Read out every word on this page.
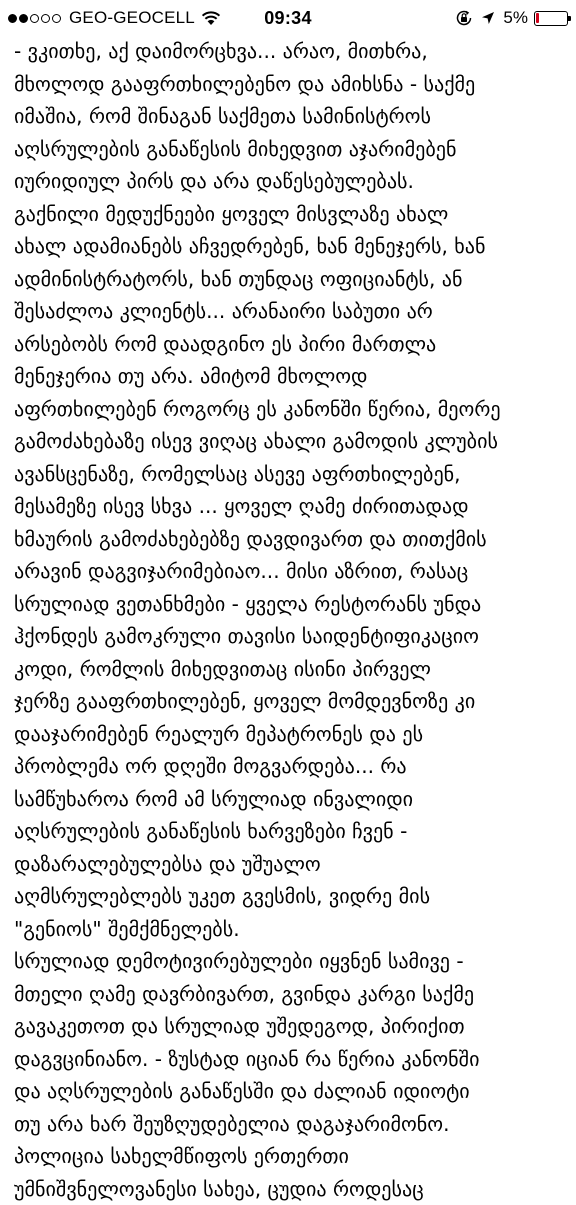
GEO-GEOCELL	09:34	5%
- ვკითხე, აქ დაიმორცხვა... არაო, მითხრა,
მხოლოდ გააფრთხილებენო და ამიხსნა - საქმე
იმაშია, რომ შინაგან საქმეთა სამინისტროს
აღსრულების განაწესის მიხედვით აჯარიმებენ
იურიდიულ პირს და არა დაწესებულებას.
გაქნილი მედუქნეები ყოველ მისვლაზე ახალ
ახალ ადამიანებს აჩვედრებენ, ხან მენეჯერს, ხან
ადმინისტრატორს, ხან თუნდაც ოფიციანტს, ან
შესაძლოა კლიენტს... არანაირი საბუთი არ
არსებობს რომ დაადგინო ეს პირი მართლა
მენეჯერია თუ არა. ამიტომ მხოლოდ
აფრთხილებენ როგორც ეს კანონში წერია, მეორე
გამოძახებაზე ისევ ვიღაც ახალი გამოდის კლუბის
ავანსცენაზე, რომელსაც ასევე აფრთხილებენ,
მესამეზე ისევ სხვა ... ყოველ ღამე ძირითადად
ხმაურის გამოძახებებზე დავდივართ და თითქმის
არავინ დაგვიჯარიმებიაო... მისი აზრით, რასაც
სრულიად ვეთანხმები - ყველა რესტორანს უნდა
ჰქონდეს გამოკრული თავისი საიდენტიფიკაციო
კოდი, რომლის მიხედვითაც ისინი პირველ
ჯერზე გააფრთხილებენ, ყოველ მომდევნოზე კი
დააჯარიმებენ რეალურ მეპატრონეს და ეს
პრობლემა ორ დღეში მოგვარდება... რა
სამწუხაროა რომ ამ სრულიად ინვალიდი
აღსრულების განაწესის ხარვეზები ჩვენ -
დაზარალებულებსა და უშუალო
აღმსრულებლებს უკეთ გვესმის, ვიდრე მის
"გენიოს" შემქმნელებს.
სრულიად დემოტივირებულები იყვნენ სამივე -
მთელი ღამე დავრბივართ, გვინდა კარგი საქმე
გავაკეთოთ და სრულიად უშედეგოდ, პირიქით
დაგვცინიანო. - ზუსტად იციან რა წერია კანონში
და აღსრულების განაწესში და ძალიან იდიოტი
თუ არა ხარ შეუზღუდებელია დაგაჯარიმონო.
პოლიცია სახელმწიფოს ერთერთი
უმნიშვნელოვანესი სახეა, ცუდია როდესაც
